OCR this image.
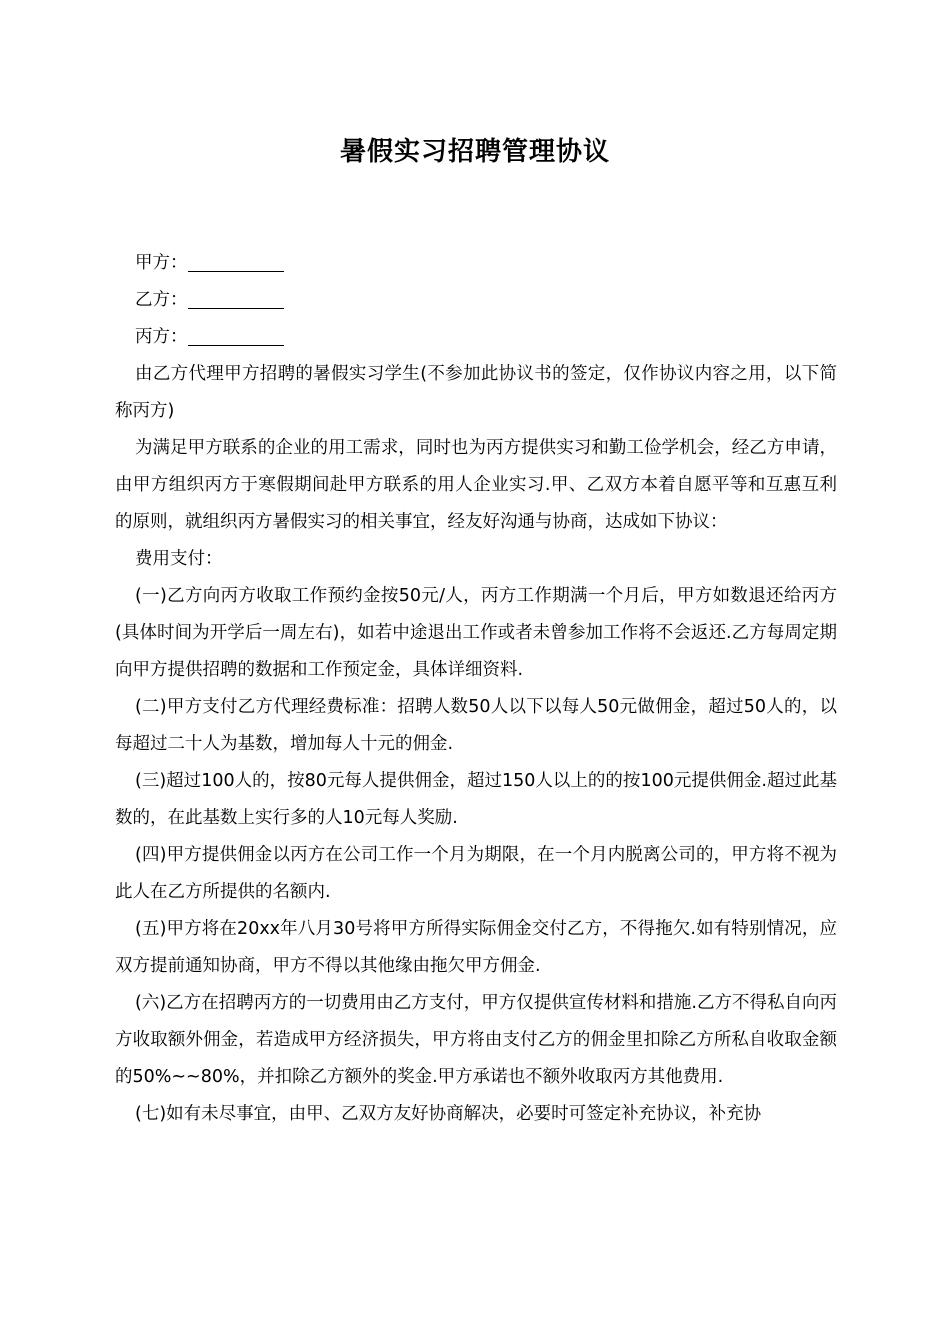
暑假实习招聘管理协议

甲方：

乙方：

丙方：

由乙方代理甲方招聘的暑假实习学生(不参加此协议书的签定，仅作协议内容之用，以下简称丙方)

为满足甲方联系的企业的用工需求，同时也为丙方提供实习和勤工俭学机会，经乙方申请，由甲方组织丙方于寒假期间赴甲方联系的用人企业实习.甲、乙双方本着自愿平等和互惠互利的原则，就组织丙方暑假实习的相关事宜，经友好沟通与协商，达成如下协议：

费用支付：

(一)乙方向丙方收取工作预约金按50元/人，丙方工作期满一个月后，甲方如数退还给丙方(具体时间为开学后一周左右)，如若中途退出工作或者未曾参加工作将不会返还.乙方每周定期向甲方提供招聘的数据和工作预定金，具体详细资料.

(二)甲方支付乙方代理经费标准：招聘人数50人以下以每人50元做佣金，超过50人的，以每超过二十人为基数，增加每人十元的佣金.

(三)超过100人的，按80元每人提供佣金，超过150人以上的的按100元提供佣金.超过此基数的，在此基数上实行多的人10元每人奖励.

(四)甲方提供佣金以丙方在公司工作一个月为期限，在一个月内脱离公司的，甲方将不视为此人在乙方所提供的名额内.

(五)甲方将在20xx年八月30号将甲方所得实际佣金交付乙方，不得拖欠.如有特别情况，应双方提前通知协商，甲方不得以其他缘由拖欠甲方佣金.

(六)乙方在招聘丙方的一切费用由乙方支付，甲方仅提供宣传材料和措施.乙方不得私自向丙方收取额外佣金，若造成甲方经济损失，甲方将由支付乙方的佣金里扣除乙方所私自收取金额的50%~~80%，并扣除乙方额外的奖金.甲方承诺也不额外收取丙方其他费用.

(七)如有未尽事宜，由甲、乙双方友好协商解决，必要时可签定补充协议，补充协
